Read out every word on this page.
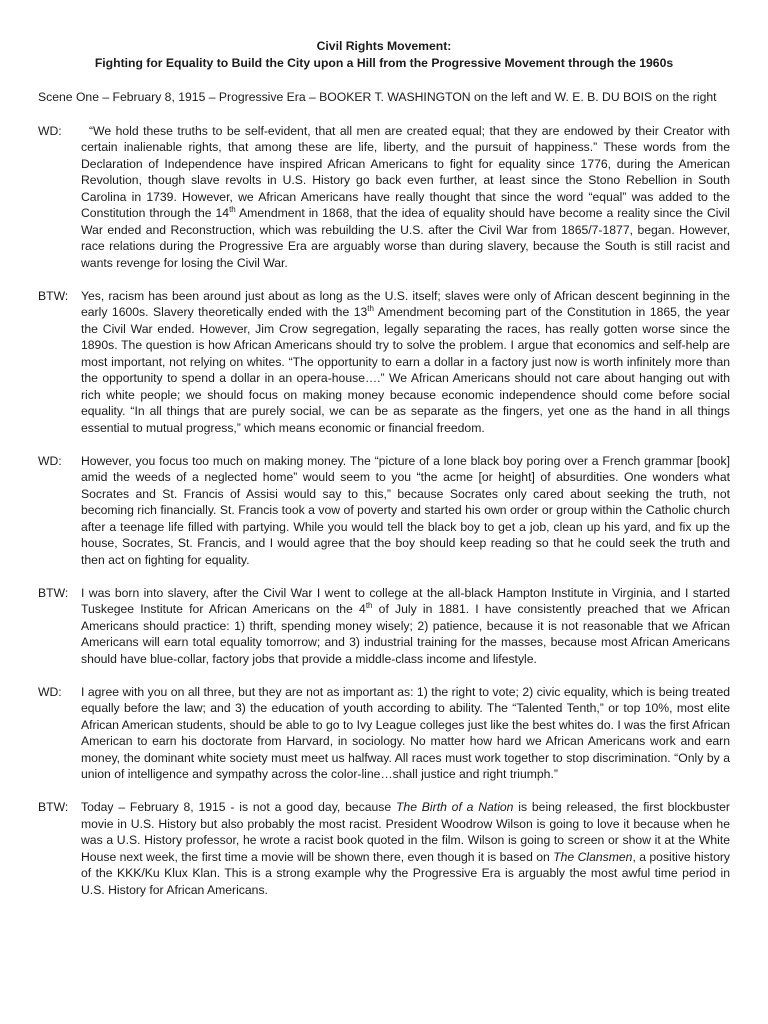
Civil Rights Movement:
Fighting for Equality to Build the City upon a Hill from the Progressive Movement through the 1960s
Scene One – February 8, 1915 – Progressive Era – BOOKER T. WASHINGTON on the left and W. E. B. DU BOIS on the right
WD:	“We hold these truths to be self-evident, that all men are created equal; that they are endowed by their Creator with certain inalienable rights, that among these are life, liberty, and the pursuit of happiness.” These words from the Declaration of Independence have inspired African Americans to fight for equality since 1776, during the American Revolution, though slave revolts in U.S. History go back even further, at least since the Stono Rebellion in South Carolina in 1739. However, we African Americans have really thought that since the word “equal” was added to the Constitution through the 14th Amendment in 1868, that the idea of equality should have become a reality since the Civil War ended and Reconstruction, which was rebuilding the U.S. after the Civil War from 1865/7-1877, began. However, race relations during the Progressive Era are arguably worse than during slavery, because the South is still racist and wants revenge for losing the Civil War.
BTW:	Yes, racism has been around just about as long as the U.S. itself; slaves were only of African descent beginning in the early 1600s. Slavery theoretically ended with the 13th Amendment becoming part of the Constitution in 1865, the year the Civil War ended. However, Jim Crow segregation, legally separating the races, has really gotten worse since the 1890s. The question is how African Americans should try to solve the problem. I argue that economics and self-help are most important, not relying on whites. “The opportunity to earn a dollar in a factory just now is worth infinitely more than the opportunity to spend a dollar in an opera-house….” We African Americans should not care about hanging out with rich white people; we should focus on making money because economic independence should come before social equality. “In all things that are purely social, we can be as separate as the fingers, yet one as the hand in all things essential to mutual progress,” which means economic or financial freedom.
WD:	However, you focus too much on making money. The “picture of a lone black boy poring over a French grammar [book] amid the weeds of a neglected home” would seem to you “the acme [or height] of absurdities. One wonders what Socrates and St. Francis of Assisi would say to this,” because Socrates only cared about seeking the truth, not becoming rich financially. St. Francis took a vow of poverty and started his own order or group within the Catholic church after a teenage life filled with partying. While you would tell the black boy to get a job, clean up his yard, and fix up the house, Socrates, St. Francis, and I would agree that the boy should keep reading so that he could seek the truth and then act on fighting for equality.
BTW:	I was born into slavery, after the Civil War I went to college at the all-black Hampton Institute in Virginia, and I started Tuskegee Institute for African Americans on the 4th of July in 1881. I have consistently preached that we African Americans should practice: 1) thrift, spending money wisely; 2) patience, because it is not reasonable that we African Americans will earn total equality tomorrow; and 3) industrial training for the masses, because most African Americans should have blue-collar, factory jobs that provide a middle-class income and lifestyle.
WD:	I agree with you on all three, but they are not as important as: 1) the right to vote; 2) civic equality, which is being treated equally before the law; and 3) the education of youth according to ability. The “Talented Tenth,” or top 10%, most elite African American students, should be able to go to Ivy League colleges just like the best whites do. I was the first African American to earn his doctorate from Harvard, in sociology. No matter how hard we African Americans work and earn money, the dominant white society must meet us halfway. All races must work together to stop discrimination. “Only by a union of intelligence and sympathy across the color-line…shall justice and right triumph.”
BTW:	Today – February 8, 1915 - is not a good day, because The Birth of a Nation is being released, the first blockbuster movie in U.S. History but also probably the most racist. President Woodrow Wilson is going to love it because when he was a U.S. History professor, he wrote a racist book quoted in the film. Wilson is going to screen or show it at the White House next week, the first time a movie will be shown there, even though it is based on The Clansmen, a positive history of the KKK/Ku Klux Klan. This is a strong example why the Progressive Era is arguably the most awful time period in U.S. History for African Americans.
